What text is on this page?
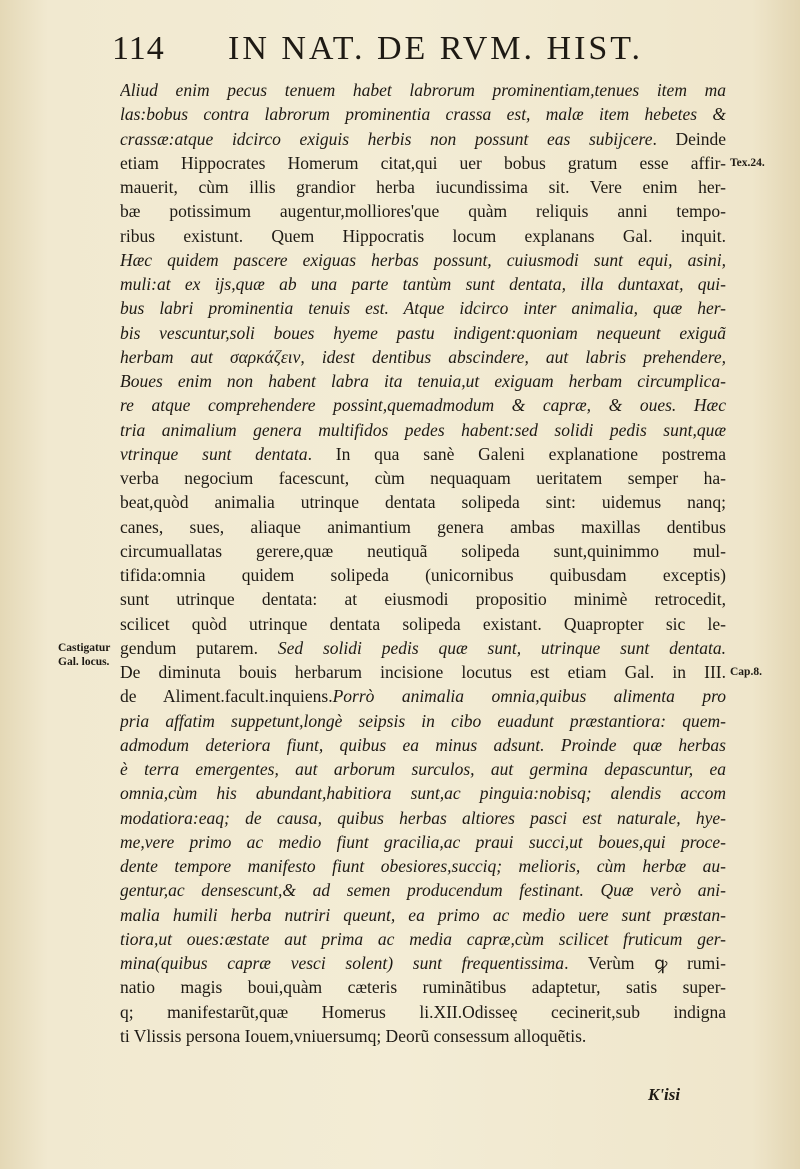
114 IN NAT. DE RVM. HIST.
Aliud enim pecus tenuem habet labrorum prominentiam,tenues item ma
las:bobus contra labrorum prominentia crassa est, malæ item hebetes &
crassæ:atque idcirco exiguis herbis non possunt eas subijcere. Deinde
etiam Hippocrates Homerum citat,qui uer bobus gratum esse affir-
mauerit, cùm illis grandior herba iucundissima sit. Vere enim her-
bæ potissimum augentur,molliores'que quàm reliquis anni tempo-
ribus existunt. Quem Hippocratis locum explanans Gal. inquit.
Hæc quidem pascere exiguas herbas possunt, cuiusmodi sunt equi, asini,
muli:at ex ijs,quæ ab una parte tantùm sunt dentata, illa duntaxat, qui-
bus labri prominentia tenuis est. Atque idcirco inter animalia, quæ her-
bis vescuntur,soli boues hyeme pastu indigent:quoniam nequeunt exiguã
herbam aut σαρκάζειν, idest dentibus abscindere, aut labris prehendere,
Boues enim non habent labra ita tenuia,ut exiguam herbam circumplica-
re atque comprehendere possint,quemadmodum & capræ, & oues. Hæc
tria animalium genera multifidos pedes habent:sed solidi pedis sunt,quæ
vtrinque sunt dentata. In qua sanè Galeni explanatione postrema
verba negocium facescunt, cùm nequaquam ueritatem semper ha-
beat,quòd animalia utrinque dentata solipeda sint: uidemus nanq;
canes, sues, aliaque animantium genera ambas maxillas dentibus
circumuallatas gerere,quæ neutiquã solipeda sunt,quinimmo mul-
tifida:omnia quidem solipeda (unicornibus quibusdam exceptis)
sunt utrinque dentata: at eiusmodi propositio minimè retrocedit,
scilicet quòd utrinque dentata solipeda existant. Quapropter sic le-
gendum putarem. Sed solidi pedis quæ sunt, utrinque sunt dentata.
De diminuta bouis herbarum incisione locutus est etiam Gal. in III.
de Aliment.facult.inquiens.Porrò animalia omnia,quibus alimenta pro
pria affatim suppetunt,longè seipsis in cibo euadunt præstantiora: quem-
admodum deteriora fiunt, quibus ea minus adsunt. Proinde quæ herbas
è terra emergentes, aut arborum surculos, aut germina depascuntur, ea
omnia,cùm his abundant,habitiora sunt,ac pinguia:nobisq; alendis accom
modatiora:eaq; de causa, quibus herbas altiores pasci est naturale, hye-
me,vere primo ac medio fiunt gracilia,ac praui succi,ut boues,qui proce-
dente tempore manifesto fiunt obesiores,succiq; melioris, cùm herbæ au-
gentur,ac densescunt,& ad semen producendum festinant. Quæ verò ani-
malia humili herba nutriri queunt, ea primo ac medio uere sunt præstan-
tiora,ut oues:æstate aut prima ac media capræ,cùm scilicet fruticum ger-
mina(quibus capræ vesci solent) sunt frequentissima. Verùm ꝙ rumi-
natio magis boui,quàm cæteris ruminãtibus adaptetur, satis super-
q; manifestarũt,quæ Homerus li.XII.Odisseę cecinerit,sub indigna
ti Vlissis persona Iouem,vniuersumq; Deorũ consessum alloquẽtis.
Tex.24.
Castigatur
Gal. locus.
Cap.8.
K'isi
